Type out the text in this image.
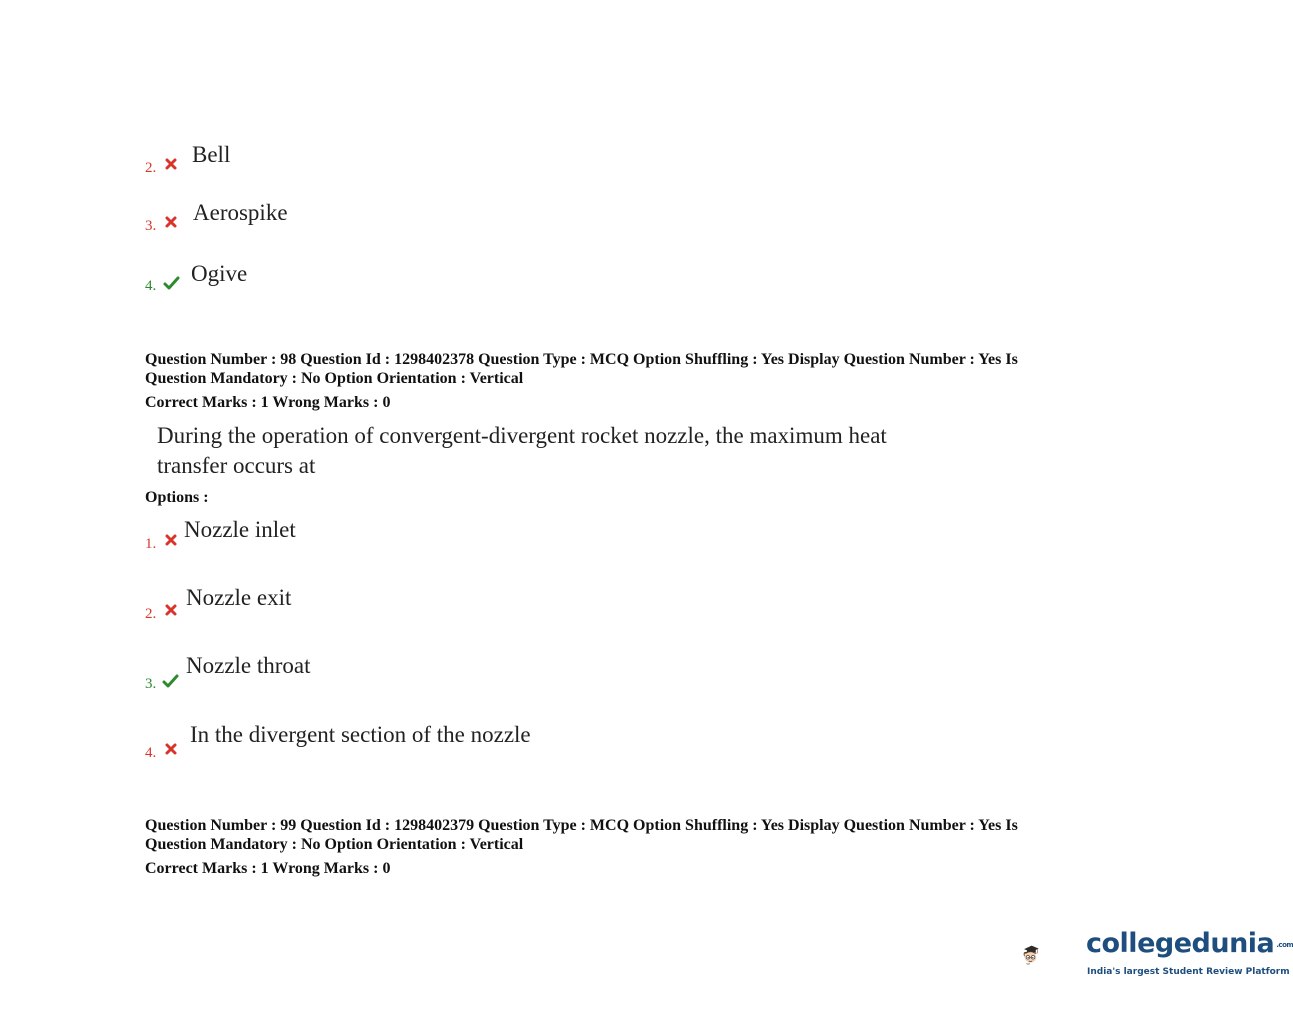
2.
Bell
3.
Aerospike
4. Ogive
Question Number : 98 Question Id : 1298402378 Question Type : MCQ Option Shuffling : Yes Display Question Number : Yes Is
Question Mandatory : No Option Orientation : Vertical
Correct Marks : 1 Wrong Marks : 0
During the operation of convergent-divergent rocket nozzle, the maximum heat
transfer occurs at
Options :
1.
Nozzle inlet
2.
Nozzle exit
3.
Nozzle throat
4.
In the divergent section of the nozzle
Question Number : 99 Question Id : 1298402379 Question Type : MCQ Option Shuffling : Yes Display Question Number : Yes Is
Question Mandatory : No Option Orientation : Vertical
Correct Marks : 1 Wrong Marks : 0
collegedunia .com
India's largest Student Review Platform
